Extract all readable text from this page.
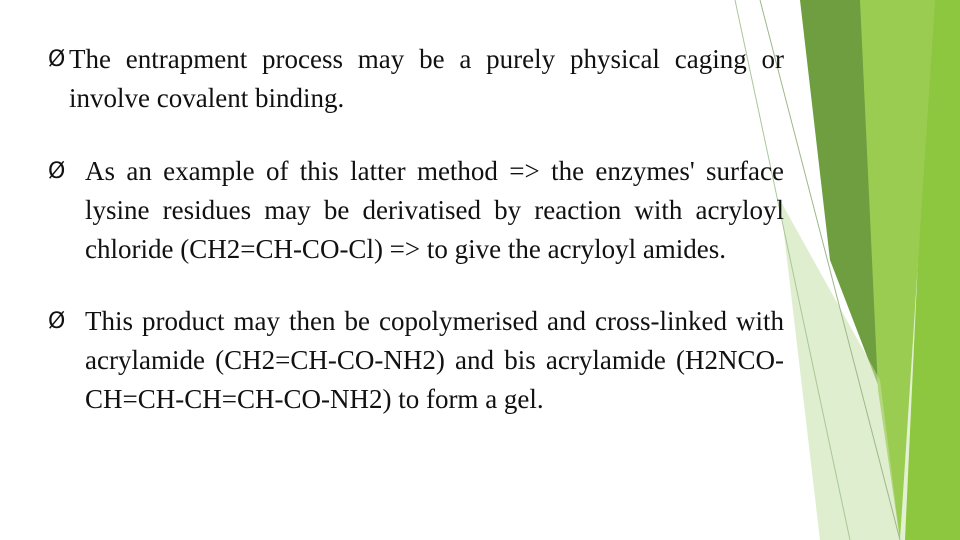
Ø The entrapment process may be a purely physical caging or involve covalent binding.
Ø As an example of this latter method => the enzymes' surface lysine residues may be derivatised by reaction with acryloyl chloride (CH2=CH-CO-Cl) => to give the acryloyl amides.
Ø This product may then be copolymerised and cross-linked with acrylamide (CH2=CH-CO-NH2) and bis acrylamide (H2NCO-CH=CH-CH=CH-CO-NH2) to form a gel.
